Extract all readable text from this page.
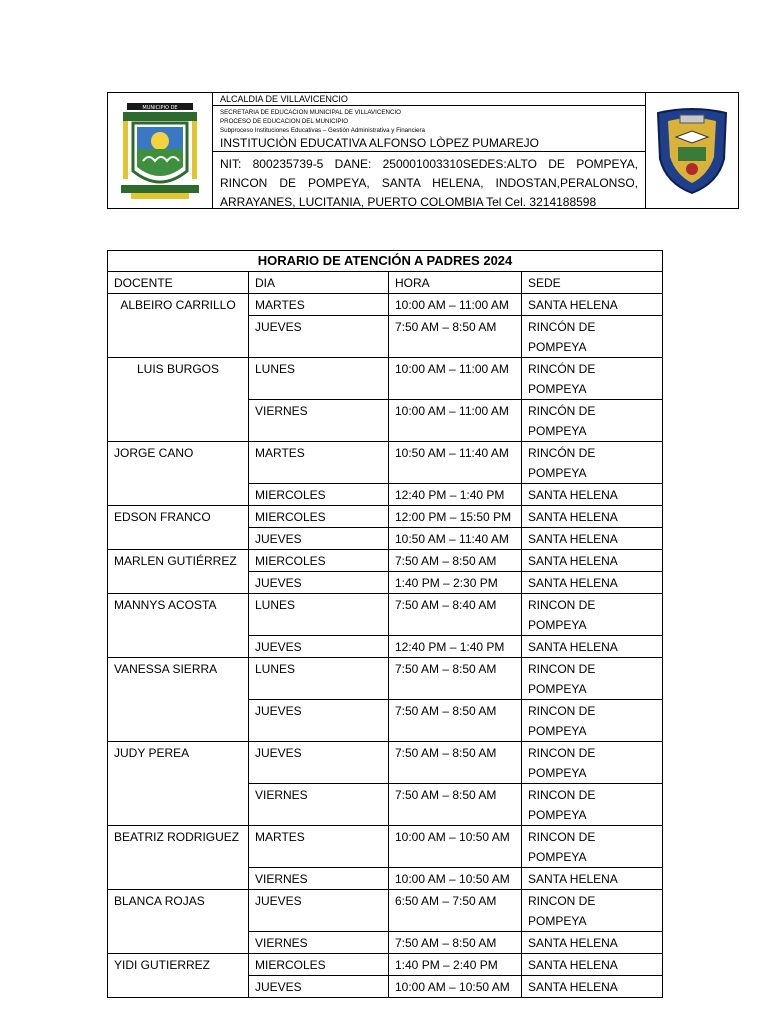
MUNICIPIO DE
ALCALDIA DE VILLAVICENCIO
SECRETARIA DE EDUCACION MUNICIPAL DE VILLAVICENCIO
PROCESO DE EDUCACION DEL MUNICIPIO
Subproceso Instituciones Educativas – Gestión Administrativa y Financiera
INSTITUCIÒN EDUCATIVA ALFONSO LÒPEZ PUMAREJO
NIT: 800235739-5 DANE: 250001003310SEDES:ALTO DE POMPEYA, RINCON DE POMPEYA, SANTA HELENA, INDOSTAN,PERALONSO, ARRAYANES, LUCITANIA, PUERTO COLOMBIA Tel Cel. 3214188598
HORARIO DE ATENCIÓN A PADRES 2024			
DOCENTE	DIA	HORA	SEDE
ALBEIRO CARRILLO	MARTES	10:00 AM – 11:00 AM	SANTA HELENA
	JUEVES	7:50 AM – 8:50 AM	RINCÓN DE POMPEYA
LUIS BURGOS	LUNES	10:00 AM – 11:00 AM	RINCÓN DE POMPEYA
	VIERNES	10:00 AM – 11:00 AM	RINCÓN DE POMPEYA
JORGE CANO	MARTES	10:50 AM – 11:40 AM	RINCÓN DE POMPEYA
	MIERCOLES	12:40 PM – 1:40 PM	SANTA HELENA
EDSON FRANCO	MIERCOLES	12:00 PM – 15:50 PM	SANTA HELENA
	JUEVES	10:50 AM – 11:40 AM	SANTA HELENA
MARLEN GUTIÉRREZ	MIERCOLES	7:50 AM – 8:50 AM	SANTA HELENA
	JUEVES	1:40 PM – 2:30 PM	SANTA HELENA
MANNYS ACOSTA	LUNES	7:50 AM – 8:40 AM	RINCON DE POMPEYA
	JUEVES	12:40 PM – 1:40 PM	SANTA HELENA
VANESSA SIERRA	LUNES	7:50 AM – 8:50 AM	RINCON DE POMPEYA
	JUEVES	7:50 AM – 8:50 AM	RINCON DE POMPEYA
JUDY PEREA	JUEVES	7:50 AM – 8:50 AM	RINCON DE POMPEYA
	VIERNES	7:50 AM – 8:50 AM	RINCON DE POMPEYA
BEATRIZ RODRIGUEZ	MARTES	10:00 AM – 10:50 AM	RINCON DE POMPEYA
	VIERNES	10:00 AM – 10:50 AM	SANTA HELENA
BLANCA ROJAS	JUEVES	6:50 AM – 7:50 AM	RINCON DE POMPEYA
	VIERNES	7:50 AM – 8:50 AM	SANTA HELENA
YIDI GUTIERREZ	MIERCOLES	1:40 PM – 2:40 PM	SANTA HELENA
	JUEVES	10:00 AM – 10:50 AM	SANTA HELENA
